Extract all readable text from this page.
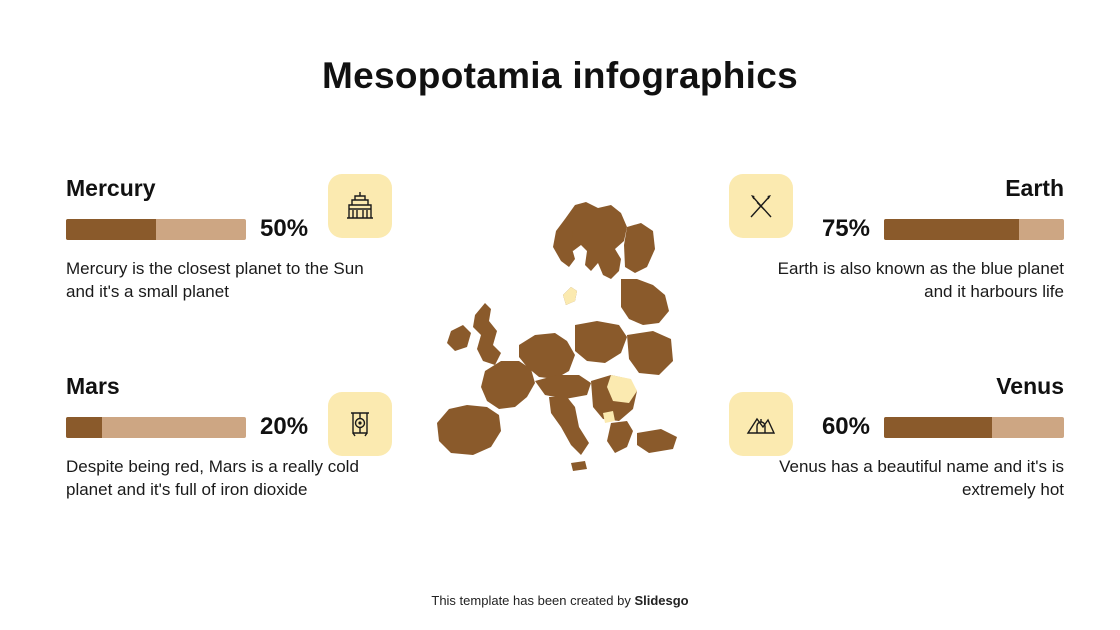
Mesopotamia infographics
Mercury
50%
Mercury is the closest planet to the Sun and it's a small planet
Mars
20%
Despite being red, Mars is a really cold planet and it's full of iron dioxide
Earth
75%
Earth is also known as the blue planet and it harbours life
Venus
60%
Venus has a beautiful name and it's is extremely hot
This template has been created by Slidesgo
